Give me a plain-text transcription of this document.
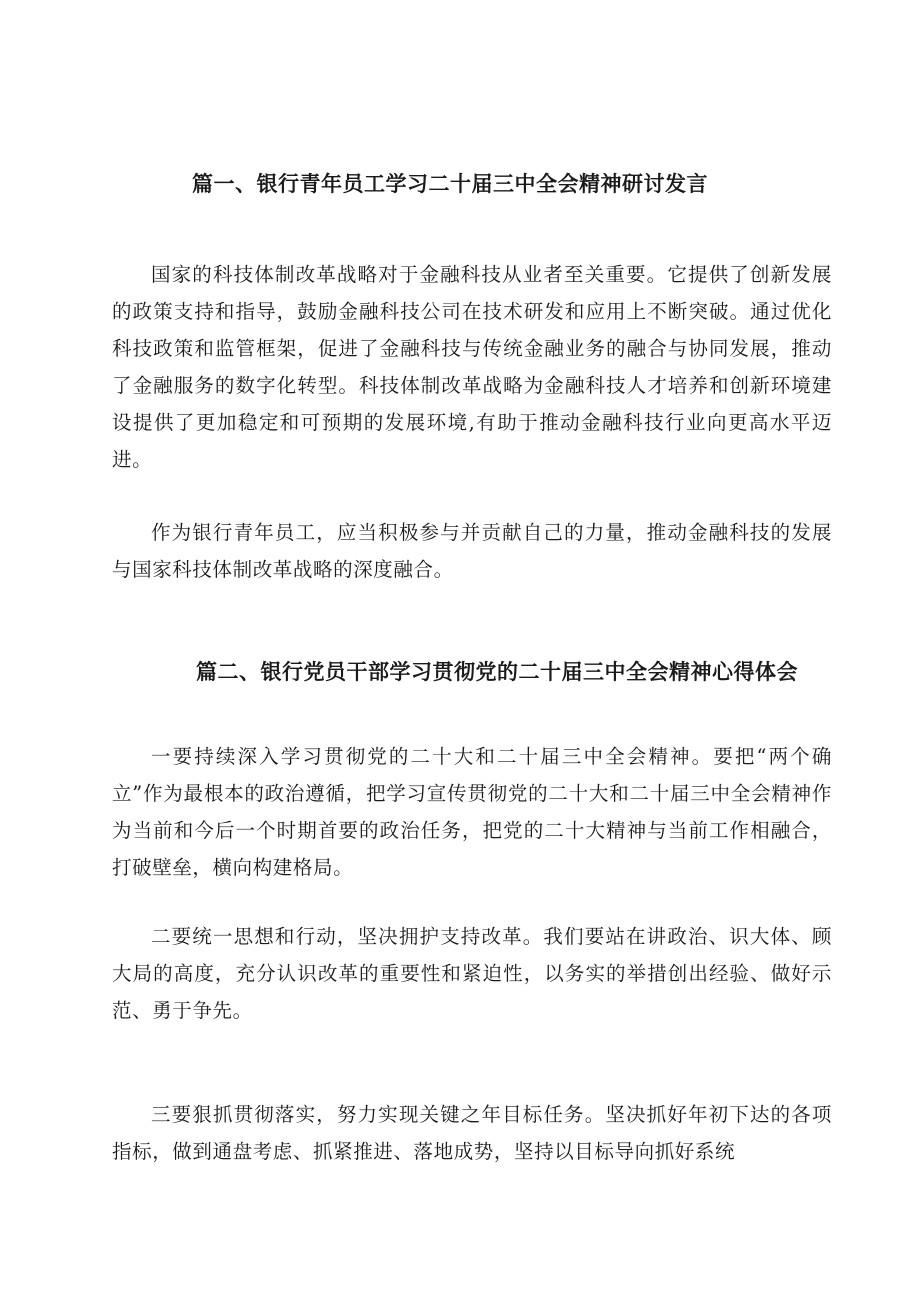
篇一、银行青年员工学习二十届三中全会精神研讨发言

国家的科技体制改革战略对于金融科技从业者至关重要。它提供了创新发展的政策支持和指导，鼓励金融科技公司在技术研发和应用上不断突破。通过优化科技政策和监管框架，促进了金融科技与传统金融业务的融合与协同发展，推动了金融服务的数字化转型。科技体制改革战略为金融科技人才培养和创新环境建设提供了更加稳定和可预期的发展环境,有助于推动金融科技行业向更高水平迈进。

作为银行青年员工，应当积极参与并贡献自己的力量，推动金融科技的发展与国家科技体制改革战略的深度融合。

篇二、银行党员干部学习贯彻党的二十届三中全会精神心得体会

一要持续深入学习贯彻党的二十大和二十届三中全会精神。要把“两个确立”作为最根本的政治遵循，把学习宣传贯彻党的二十大和二十届三中全会精神作为当前和今后一个时期首要的政治任务，把党的二十大精神与当前工作相融合，打破壁垒，横向构建格局。

二要统一思想和行动，坚决拥护支持改革。我们要站在讲政治、识大体、顾大局的高度，充分认识改革的重要性和紧迫性，以务实的举措创出经验、做好示范、勇于争先。

三要狠抓贯彻落实，努力实现关键之年目标任务。坚决抓好年初下达的各项指标，做到通盘考虑、抓紧推进、落地成势，坚持以目标导向抓好系统
